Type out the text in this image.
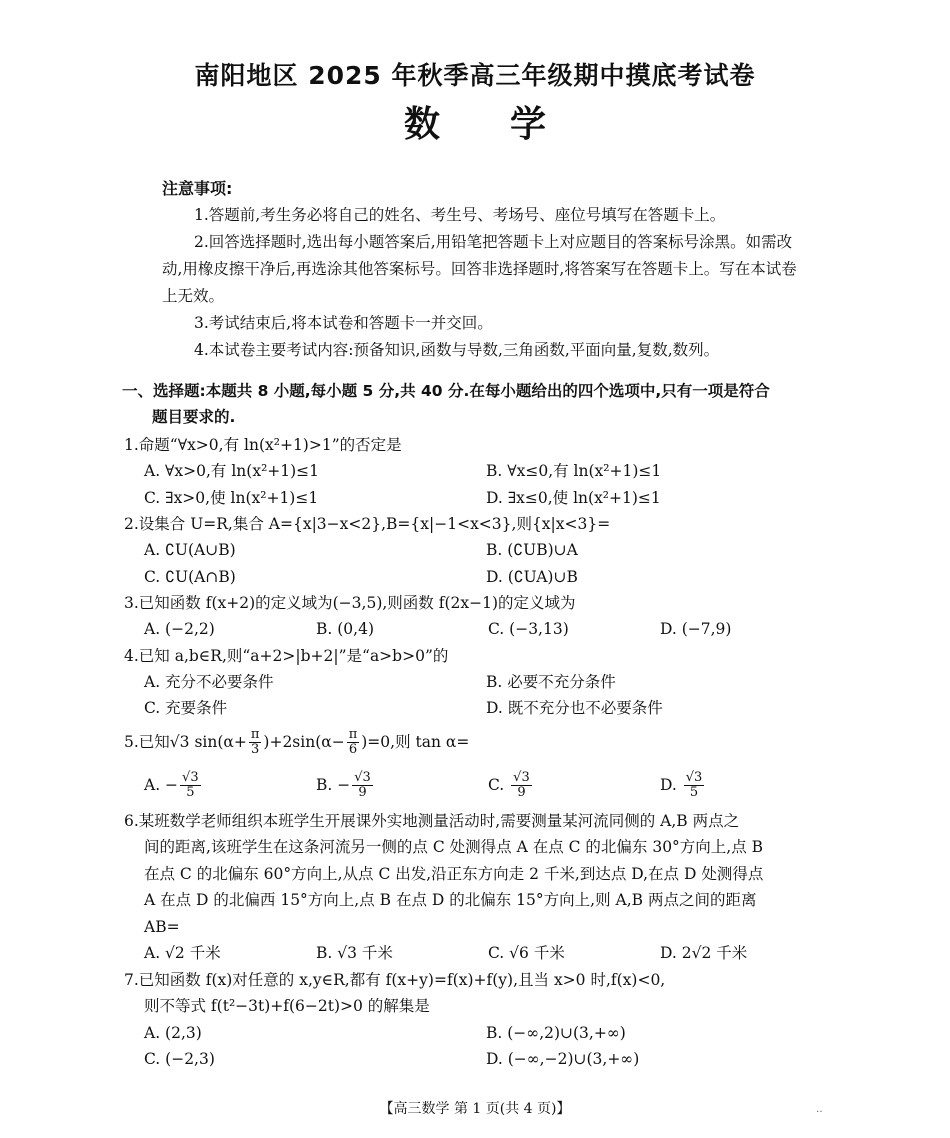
南阳地区 2025 年秋季高三年级期中摸底考试卷
数学
注意事项:

1.答题前,考生务必将自己的姓名、考生号、考场号、座位号填写在答题卡上。

2.回答选择题时,选出每小题答案后,用铅笔把答题卡上对应题目的答案标号涂黑。如需改动,用橡皮擦干净后,再选涂其他答案标号。回答非选择题时,将答案写在答题卡上。写在本试卷上无效。

3.考试结束后,将本试卷和答题卡一并交回。

4.本试卷主要考试内容:预备知识,函数与导数,三角函数,平面向量,复数,数列。

一、选择题:本题共 8 小题,每小题 5 分,共 40 分.在每小题给出的四个选项中,只有一项是符合
题目要求的.
1.命题“∀x>0,有 ln(x²+1)>1”的否定是
A. ∀x>0,有 ln(x²+1)≤1	B. ∀x≤0,有 ln(x²+1)≤1
C. ∃x>0,使 ln(x²+1)≤1	D. ∃x≤0,使 ln(x²+1)≤1
2.设集合 U=R,集合 A={x|3−x<2},B={x|−1<x<3},则{x|x<3}=
A. ∁U(A∪B)	B. (∁UB)∪A
C. ∁U(A∩B)	D. (∁UA)∪B
3.已知函数 f(x+2)的定义域为(−3,5),则函数 f(2x−1)的定义域为
A. (−2,2)	B. (0,4)	C. (−3,13)	D. (−7,9)
4.已知 a,b∈R,则“a+2>|b+2|”是“a>b>0”的
A. 充分不必要条件	B. 必要不充分条件
C. 充要条件	D. 既不充分也不必要条件
5.已知√3 $\sin(\alpha+ \frac{\pi}{3} )+2\sin(\alpha- \frac{\pi}{6} )=0$,则 tan α=
A. − $\frac{√3}{5}$	B. − $\frac{√3}{9}$	C. $\frac{√3}{9}$	D. $\frac{√3}{5}$
6.某班数学老师组织本班学生开展课外实地测量活动时,需要测量某河流同侧的 A,B 两点之
间的距离,该班学生在这条河流另一侧的点 C 处测得点 A 在点 C 的北偏东 30°方向上,点 B
在点 C 的北偏东 60°方向上,从点 C 出发,沿正东方向走 2 千米,到达点 D,在点 D 处测得点
A 在点 D 的北偏西 15°方向上,点 B 在点 D 的北偏东 15°方向上,则 A,B 两点之间的距离
AB=
A. √2 千米	B. √3 千米	C. √6 千米	D. 2√2 千米
7.已知函数 f(x)对任意的 x,y∈R,都有 f(x+y)=f(x)+f(y),且当 x>0 时,f(x)<0,
则不等式 f(t²−3t)+f(6−2t)>0 的解集是
A. (2,3)	B. (−∞,2)∪(3,+∞)
C. (−2,3)	D. (−∞,−2)∪(3,+∞)
【高三数学 第 1 页(共 4 页)】	‥
